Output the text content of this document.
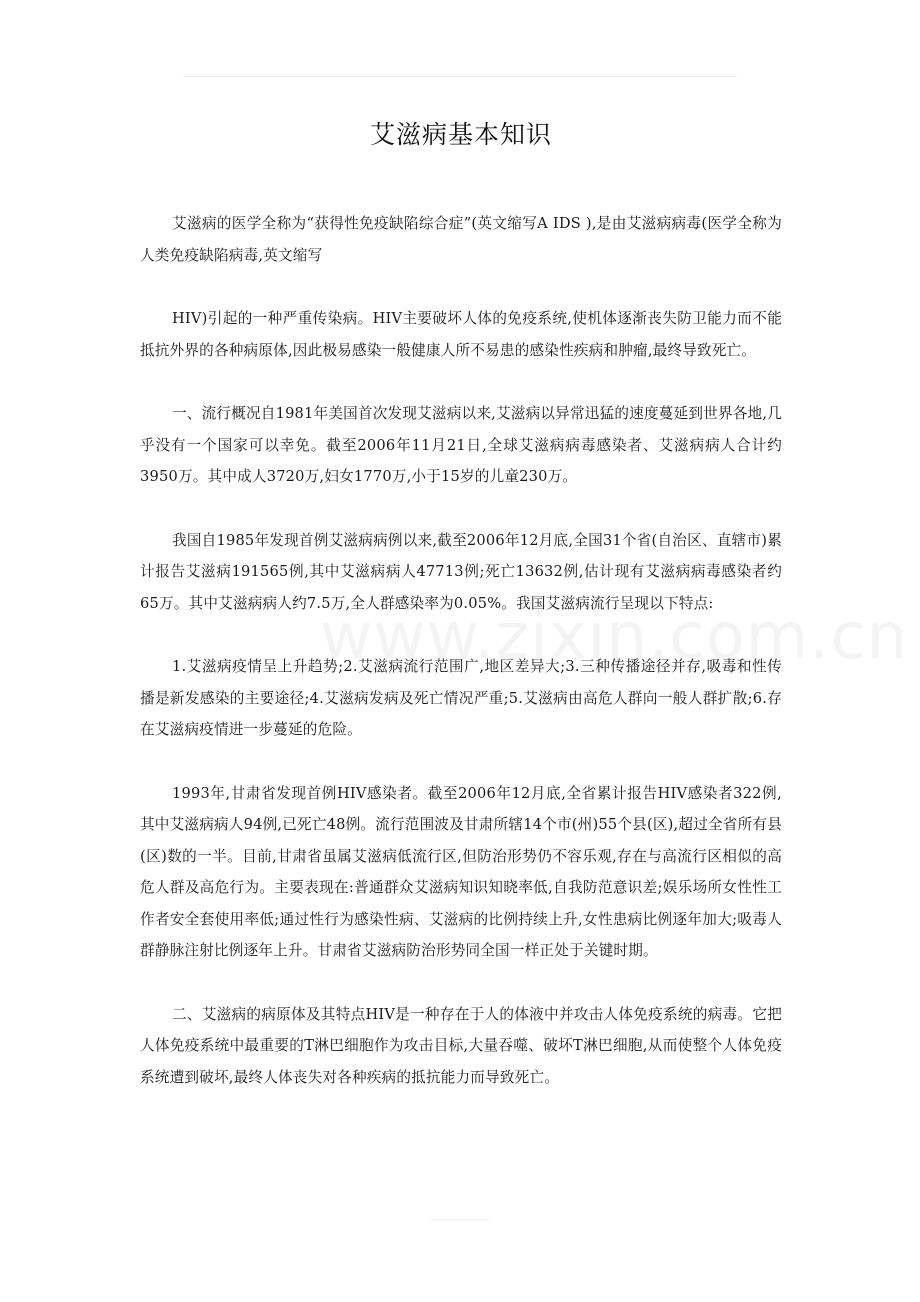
艾滋病基本知识

艾滋病的医学全称为“获得性免疫缺陷综合症”(英文缩写A IDS ),是由艾滋病病毒(医学全称为人类免疫缺陷病毒,英文缩写

HIV)引起的一种严重传染病。HIV主要破坏人体的免疫系统,使机体逐渐丧失防卫能力而不能抵抗外界的各种病原体,因此极易感染一般健康人所不易患的感染性疾病和肿瘤,最终导致死亡。

一、流行概况自1981年美国首次发现艾滋病以来,艾滋病以异常迅猛的速度蔓延到世界各地,几乎没有一个国家可以幸免。截至2006年11月21日,全球艾滋病病毒感染者、艾滋病病人合计约3950万。其中成人3720万,妇女1770万,小于15岁的儿童230万。

我国自1985年发现首例艾滋病病例以来,截至2006年12月底,全国31个省(自治区、直辖市)累计报告艾滋病191565例,其中艾滋病病人47713例;死亡13632例,估计现有艾滋病病毒感染者约65万。其中艾滋病病人约7.5万,全人群感染率为0.05%。我国艾滋病流行呈现以下特点:

1.艾滋病疫情呈上升趋势;2.艾滋病流行范围广,地区差异大;3.三种传播途径并存,吸毒和性传播是新发感染的主要途径;4.艾滋病发病及死亡情况严重;5.艾滋病由高危人群向一般人群扩散;6.存在艾滋病疫情进一步蔓延的危险。

1993年,甘肃省发现首例HIV感染者。截至2006年12月底,全省累计报告HIV感染者322例,其中艾滋病病人94例,已死亡48例。流行范围波及甘肃所辖14个市(州)55个县(区),超过全省所有县(区)数的一半。目前,甘肃省虽属艾滋病低流行区,但防治形势仍不容乐观,存在与高流行区相似的高危人群及高危行为。主要表现在:普通群众艾滋病知识知晓率低,自我防范意识差;娱乐场所女性性工作者安全套使用率低;通过性行为感染性病、艾滋病的比例持续上升,女性患病比例逐年加大;吸毒人群静脉注射比例逐年上升。甘肃省艾滋病防治形势同全国一样正处于关键时期。

二、艾滋病的病原体及其特点HIV是一种存在于人的体液中并攻击人体免疫系统的病毒。它把人体免疫系统中最重要的T淋巴细胞作为攻击目标,大量吞噬、破坏T淋巴细胞,从而使整个人体免疫系统遭到破坏,最终人体丧失对各种疾病的抵抗能力而导致死亡。
